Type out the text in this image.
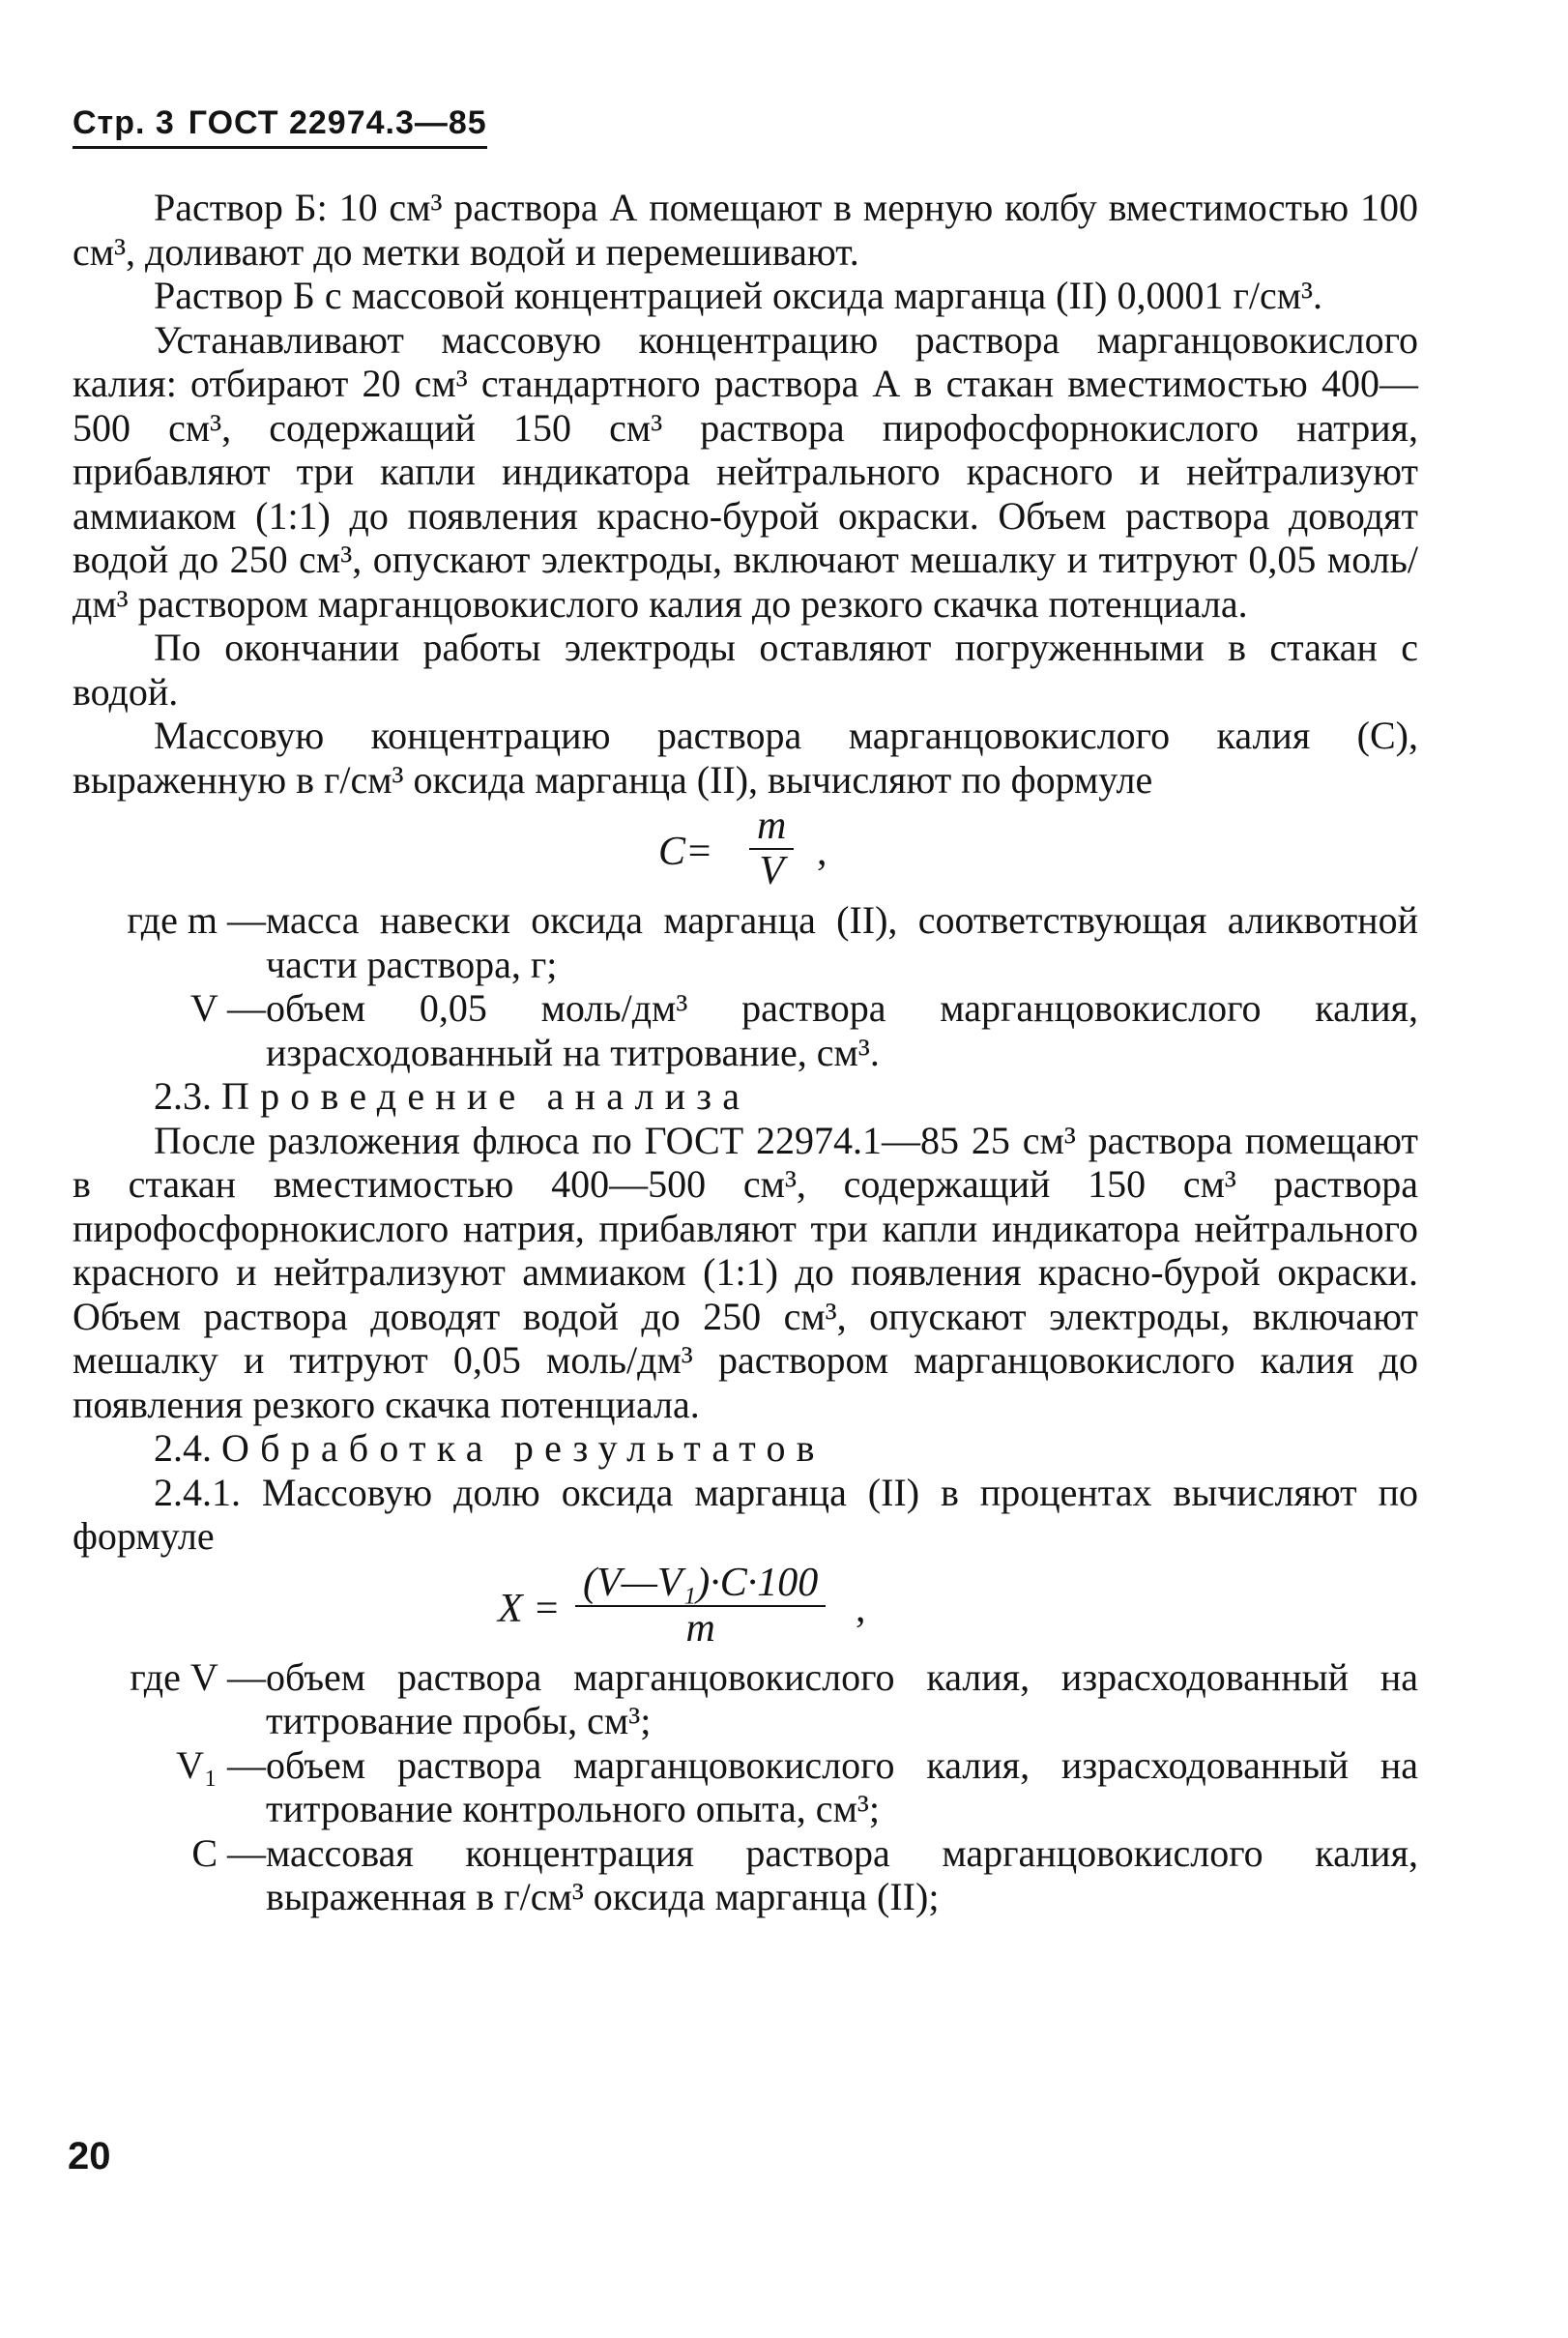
Стр. 3 ГОСТ 22974.3—85

Раствор Б: 10 см³ раствора А помещают в мерную колбу вместимостью 100 см³, доливают до метки водой и перемешивают.

Раствор Б с массовой концентрацией оксида марганца (II) 0,0001 г/см³.

Устанавливают массовую концентрацию раствора марганцовокислого калия: отбирают 20 см³ стандартного раствора А в стакан вместимостью 400—500 см³, содержащий 150 см³ раствора пирофосфорнокислого натрия, прибавляют три капли индикатора нейтрального красного и нейтрализуют аммиаком (1:1) до появления красно-бурой окраски. Объем раствора доводят водой до 250 см³, опускают электроды, включают мешалку и титруют 0,05 моль/дм³ раствором марганцовокислого калия до резкого скачка потенциала.

По окончании работы электроды оставляют погруженными в стакан с водой.

Массовую концентрацию раствора марганцовокислого калия (C), выраженную в г/см³ оксида марганца (II), вычисляют по формуле

$C= \frac{m}{V}$ ,
где m — масса навески оксида марганца (II), соответствующая аликвотной части раствора, г;
V — объем 0,05 моль/дм³ раствора марганцовокислого калия, израсходованный на титрование, см³.

2.3. Проведение анализа

После разложения флюса по ГОСТ 22974.1—85 25 см³ раствора помещают в стакан вместимостью 400—500 см³, содержащий 150 см³ раствора пирофосфорнокислого натрия, прибавляют три капли индикатора нейтрального красного и нейтрализуют аммиаком (1:1) до появления красно-бурой окраски. Объем раствора доводят водой до 250 см³, опускают электроды, включают мешалку и титруют 0,05 моль/дм³ раствором марганцовокислого калия до появления резкого скачка потенциала.

2.4. Обработка результатов

2.4.1. Массовую долю оксида марганца (II) в процентах вычисляют по формуле

$X = \frac{\text{(V—V₁)·C·100}}{m}$ ,
где V — объем раствора марганцовокислого калия, израсходованный на титрование пробы, см³;
V₁ — объем раствора марганцовокислого калия, израсходованный на титрование контрольного опыта, см³;
C — массовая концентрация раствора марганцовокислого калия, выраженная в г/см³ оксида марганца (II);
20
